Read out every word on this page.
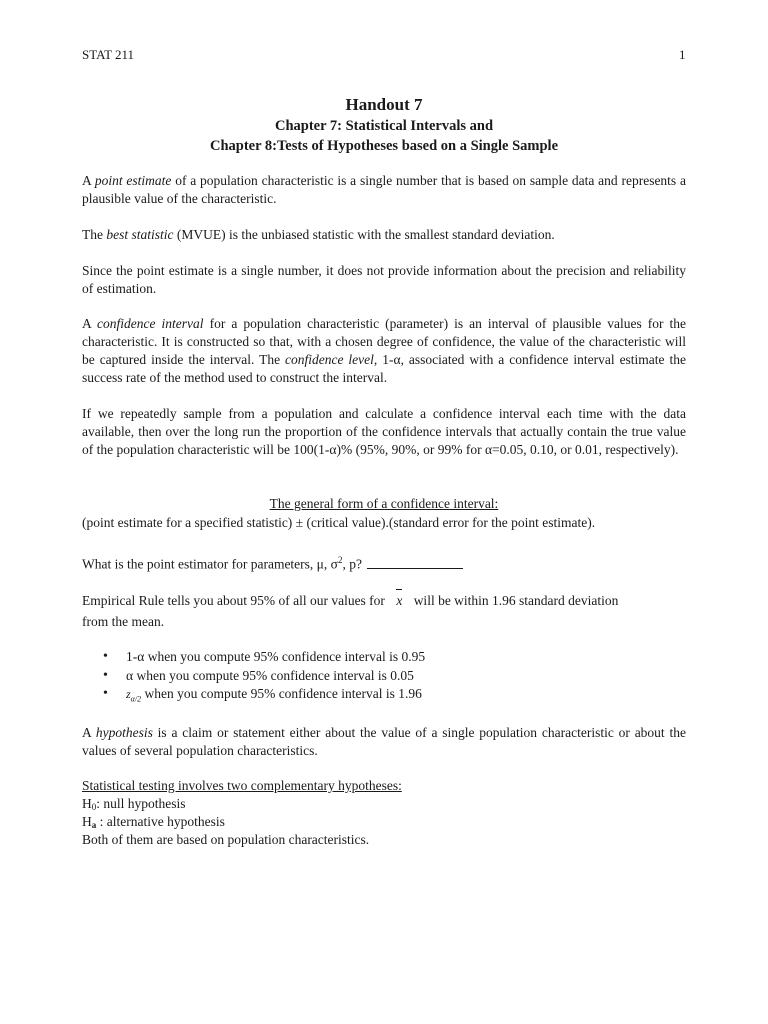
STAT 211	1
Handout 7
Chapter 7: Statistical Intervals and
Chapter 8:Tests of Hypotheses based on a Single Sample

A point estimate of a population characteristic is a single number that is based on sample data and represents a plausible value of the characteristic.

The best statistic (MVUE) is the unbiased statistic with the smallest standard deviation.

Since the point estimate is a single number, it does not provide information about the precision and reliability of estimation.

A confidence interval for a population characteristic (parameter) is an interval of plausible values for the characteristic. It is constructed so that, with a chosen degree of confidence, the value of the characteristic will be captured inside the interval. The confidence level, 1-α, associated with a confidence interval estimate the success rate of the method used to construct the interval.

If we repeatedly sample from a population and calculate a confidence interval each time with the data available, then over the long run the proportion of the confidence intervals that actually contain the true value of the population characteristic will be 100(1-α)% (95%, 90%, or 99% for α=0.05, 0.10, or 0.01, respectively).

The general form of a confidence interval:

(point estimate for a specified statistic) ± (critical value).(standard error for the point estimate).

What is the point estimator for parameters, μ, $\sigma^2$, p?

Empirical Rule tells you about 95% of all our values for x will be within 1.96 standard deviation
from the mean.

• 1-α when you compute 95% confidence interval is 0.95
• α when you compute 95% confidence interval is 0.05
• $z_{\alpha/2}$ when you compute 95% confidence interval is 1.96

A hypothesis is a claim or statement either about the value of a single population characteristic or about the values of several population characteristics.

Statistical testing involves two complementary hypotheses:

$H_0$: null hypothesis

$H_a$ : alternative hypothesis

Both of them are based on population characteristics.
